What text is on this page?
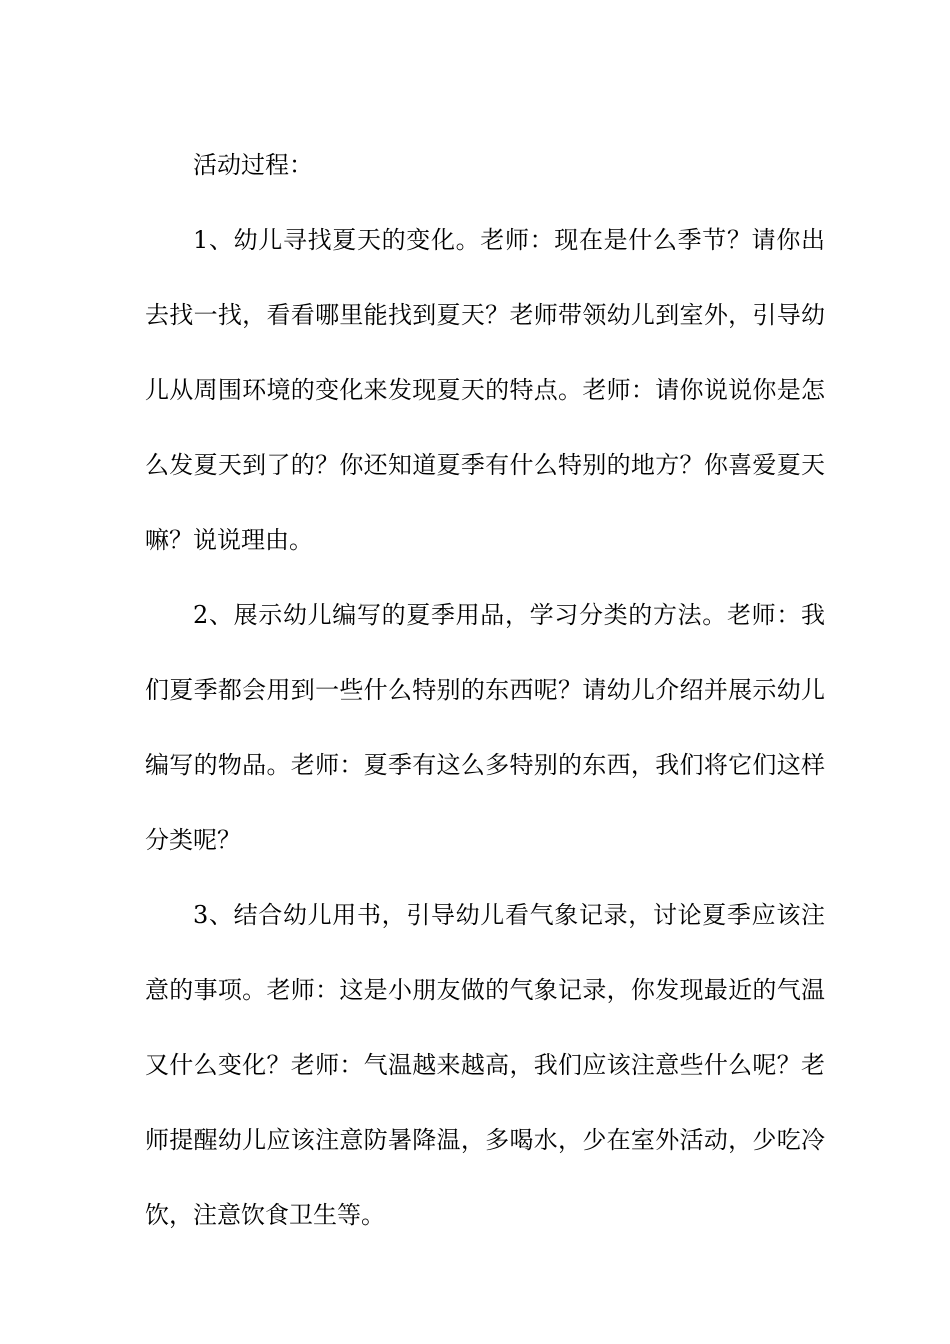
活动过程：

1、幼儿寻找夏天的变化。老师：现在是什么季节？请你出去找一找，看看哪里能找到夏天？老师带领幼儿到室外，引导幼儿从周围环境的变化来发现夏天的特点。老师：请你说说你是怎么发夏天到了的？你还知道夏季有什么特别的地方？你喜爱夏天嘛？说说理由。

2、展示幼儿编写的夏季用品，学习分类的方法。老师：我们夏季都会用到一些什么特别的东西呢？请幼儿介绍并展示幼儿编写的物品。老师：夏季有这么多特别的东西，我们将它们这样分类呢？

3、结合幼儿用书，引导幼儿看气象记录，讨论夏季应该注意的事项。老师：这是小朋友做的气象记录，你发现最近的气温又什么变化？老师：气温越来越高，我们应该注意些什么呢？老师提醒幼儿应该注意防暑降温，多喝水，少在室外活动，少吃冷饮，注意饮食卫生等。
